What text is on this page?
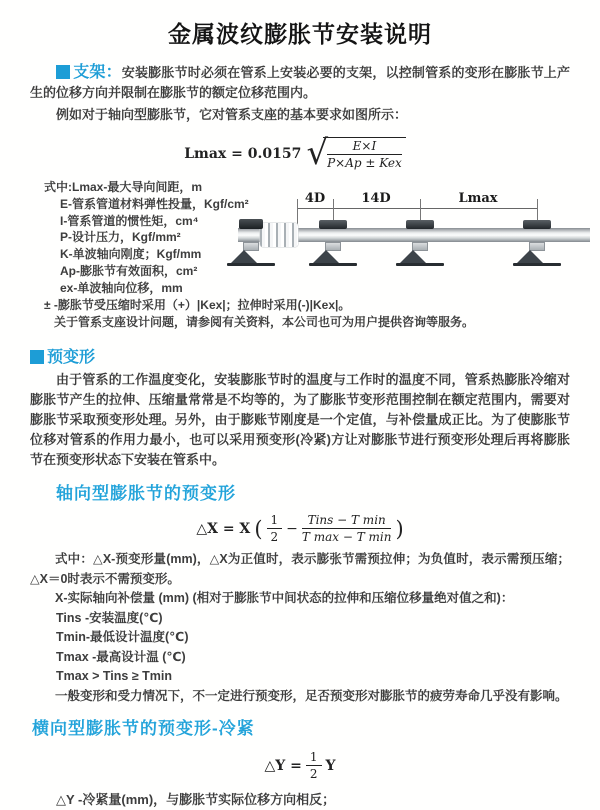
金属波纹膨胀节安装说明

支架：安装膨胀节时必须在管系上安装必要的支架，以控制管系的变形在膨胀节上产生的位移方向并限制在膨胀节的额定位移范围内。

例如对于轴向型膨胀节，它对管系支座的基本要求如图所示：

Lmax = 0.0157 √ $\frac{E\times I}{\text{P×Ap ± Kex}}$
式中:Lmax-最大导向间距，m
E-管系管道材料弹性投量，Kgf/cm²
I-管系管道的惯性矩，cm⁴
P-设计压力，Kgf/mm²
K-单波轴向刚度；Kgf/mm
Ap-膨胀节有效面积，cm²
ex-单波轴向位移，mm
± -膨胀节受压缩时采用（+）|Kex|；拉伸时采用(-)|Kex|。
关于管系支座设计问题，请参阅有关资料，本公司也可为用户提供咨询等服务。
4D	14D	Lmax
预变形

由于管系的工作温度变化，安装膨胀节时的温度与工作时的温度不同，管系热膨胀冷缩对膨胀节产生的拉伸、压缩量常常是不均等的，为了膨胀节变形范围控制在额定范围内，需要对膨胀节采取预变形处理。另外，由于膨账节刚度是一个定值，与补偿量成正比。为了使膨胀节位移对管系的作用力最小，也可以采用预变形(冷紧)方让对膨胀节进行预变形处理后再将膨胀节在预变形状态下安装在管系中。

轴向型膨胀节的预变形
△X = X ( $\frac{1}{2} - \frac{\text{Tins − T min}}{\text{T max − T min}}$ )
式中：△X-预变形量(mm)，△X为正值时，表示膨张节需预拉伸；为负值时，表示需预压缩；△X＝0时表示不需预变形。
X-实际轴向补偿量 (mm) (相对于膨胀节中间状态的拉伸和压缩位移量绝对值之和)：
Tins -安装温度(℃)
Tmin-最低设计温度(℃)
Tmax -最高设计温 (℃)
Tmax > Tins ≥ Tmin
一般变形和受力情况下，不一定进行预变形，足否预变形对膨胀节的疲劳寿命几乎没有影响。
横向型膨胀节的预变形-冷紧
△Y = $\frac{1}{2}$ Y

△Y -冷紧量(mm)，与膨胀节实际位移方向相反；
